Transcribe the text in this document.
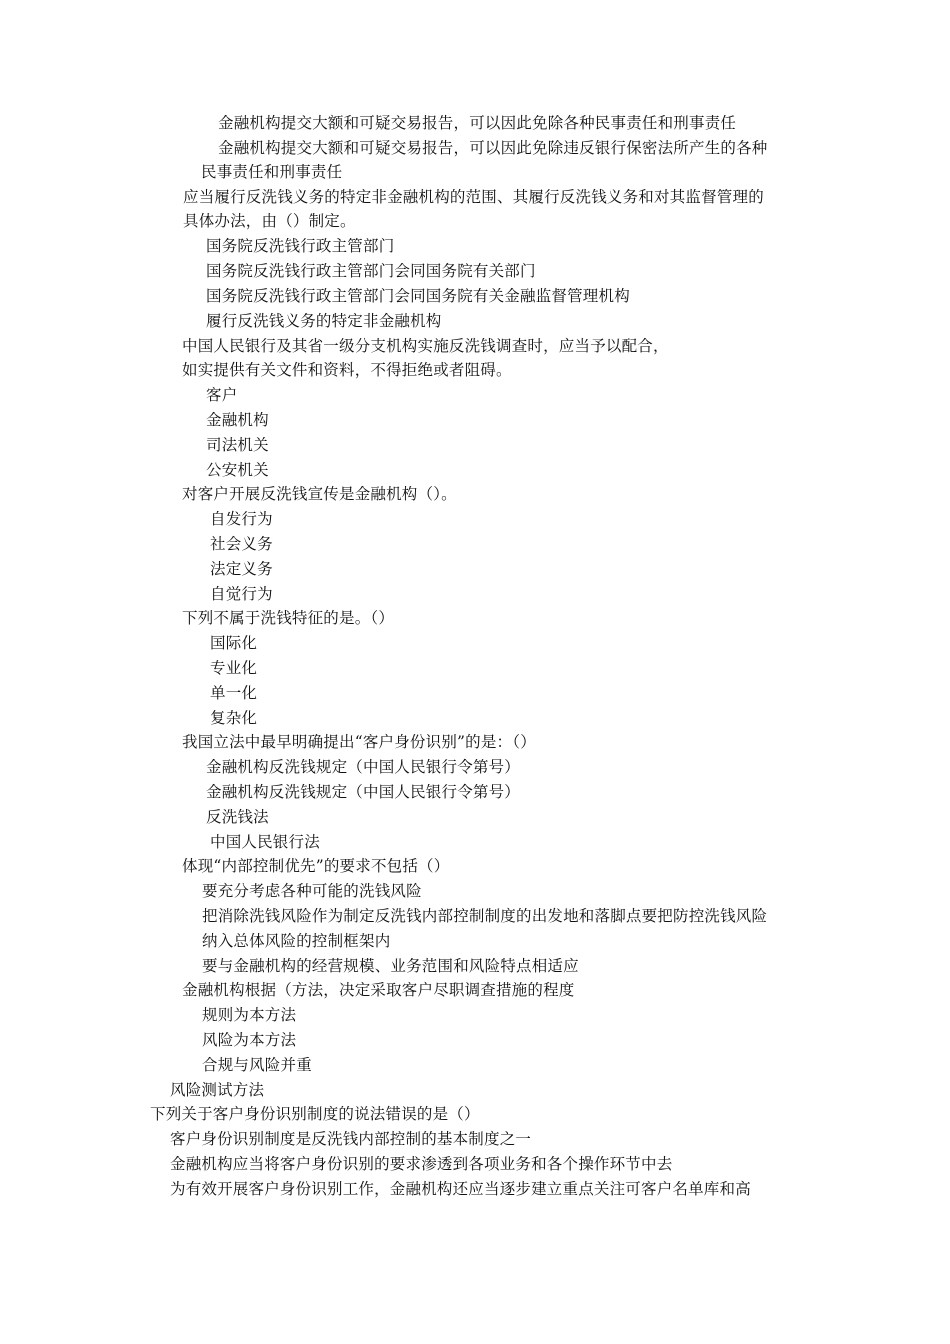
金融机构提交大额和可疑交易报告，可以因此免除各种民事责任和刑事责任
金融机构提交大额和可疑交易报告，可以因此免除违反银行保密法所产生的各种
民事责任和刑事责任
应当履行反洗钱义务的特定非金融机构的范围、其履行反洗钱义务和对其监督管理的
具体办法，由（）制定。
国务院反洗钱行政主管部门
国务院反洗钱行政主管部门会同国务院有关部门
国务院反洗钱行政主管部门会同国务院有关金融监督管理机构
履行反洗钱义务的特定非金融机构
中国人民银行及其省一级分支机构实施反洗钱调查时，应当予以配合，
如实提供有关文件和资料，不得拒绝或者阻碍。
客户
金融机构
司法机关
公安机关
对客户开展反洗钱宣传是金融机构（）。
自发行为
社会义务
法定义务
自觉行为
下列不属于洗钱特征的是。（）
国际化
专业化
单一化
复杂化
我国立法中最早明确提出“客户身份识别”的是：（）
金融机构反洗钱规定（中国人民银行令第号）
金融机构反洗钱规定（中国人民银行令第号）
反洗钱法
中国人民银行法
体现“内部控制优先”的要求不包括（）
要充分考虑各种可能的洗钱风险
把消除洗钱风险作为制定反洗钱内部控制制度的出发地和落脚点要把防控洗钱风险
纳入总体风险的控制框架内
要与金融机构的经营规模、业务范围和风险特点相适应
金融机构根据（方法，决定采取客户尽职调查措施的程度
规则为本方法
风险为本方法
合规与风险并重
风险测试方法
下列关于客户身份识别制度的说法错误的是（）
客户身份识别制度是反洗钱内部控制的基本制度之一
金融机构应当将客户身份识别的要求渗透到各项业务和各个操作环节中去
为有效开展客户身份识别工作，金融机构还应当逐步建立重点关注可客户名单库和高
